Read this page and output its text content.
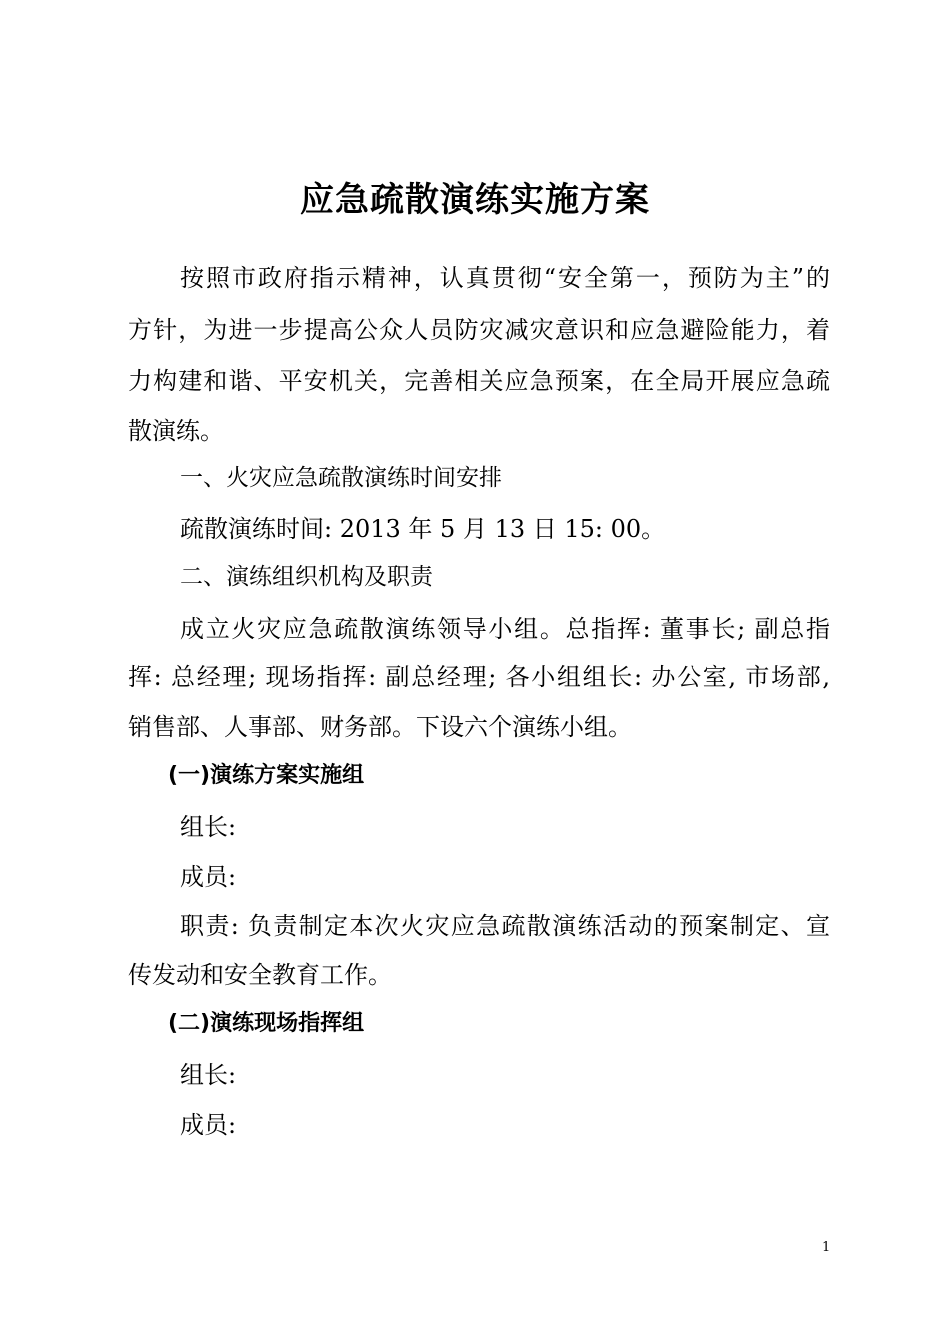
应急疏散演练实施方案
按照市政府指示精神，认真贯彻“安全第一，预防为主”的
方针，为进一步提高公众人员防灾减灾意识和应急避险能力，着
力构建和谐、平安机关，完善相关应急预案，在全局开展应急疏
散演练。
一、火灾应急疏散演练时间安排
疏散演练时间: 2013 年 5 月 13 日 15: 00。
二、演练组织机构及职责
成立火灾应急疏散演练领导小组。总指挥: 董事长; 副总指
挥: 总经理; 现场指挥: 副总经理; 各小组组长: 办公室, 市场部,
销售部、人事部、财务部。下设六个演练小组。
(一)演练方案实施组
组长:
成员:
职责: 负责制定本次火灾应急疏散演练活动的预案制定、宣
传发动和安全教育工作。
(二)演练现场指挥组
组长:
成员:
1
